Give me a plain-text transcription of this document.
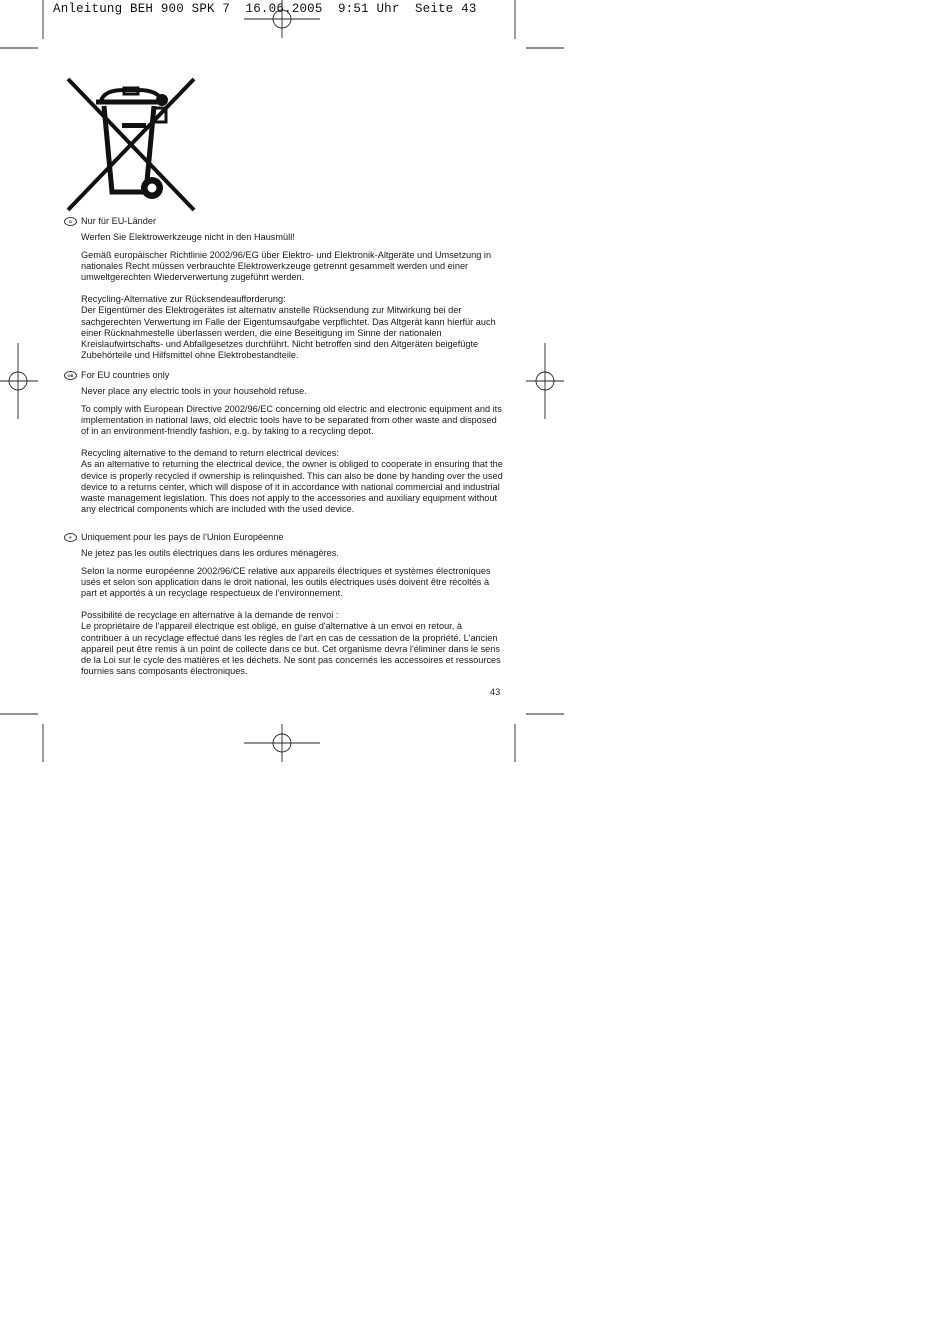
Anleitung BEH 900 SPK 7  16.06.2005  9:51 Uhr  Seite 43
D Nur für EU-Länder

Werfen Sie Elektrowerkzeuge nicht in den Hausmüll!

Gemäß europäischer Richtlinie 2002/96/EG über Elektro- und Elektronik-Altgeräte und Umsetzung in nationales Recht müssen verbrauchte Elektrowerkzeuge getrennt gesammelt werden und einer umweltgerechten Wiederverwertung zugeführt werden.

Recycling-Alternative zur Rücksendeaufforderung:

Der Eigentümer des Elektrogerätes ist alternativ anstelle Rücksendung zur Mitwirkung bei der sachgerechten Verwertung im Falle der Eigentumsaufgabe verpflichtet. Das Altgerät kann hierfür auch einer Rücknahmestelle überlassen werden, die eine Beseitigung im Sinne der nationalen Kreislaufwirtschafts- und Abfallgesetzes durchführt. Nicht betroffen sind den Altgeräten beigefügte Zubehörteile und Hilfsmittel ohne Elektrobestandteile.

GB For EU countries only

Never place any electric tools in your household refuse.

To comply with European Directive 2002/96/EC concerning old electric and electronic equipment and its implementation in national laws, old electric tools have to be separated from other waste and disposed of in an environment-friendly fashion, e.g. by taking to a recycling depot.

Recycling alternative to the demand to return electrical devices:

As an alternative to returning the electrical device, the owner is obliged to cooperate in ensuring that the device is properly recycled if ownership is relinquished. This can also be done by handing over the used device to a returns center, which will dispose of it in accordance with national commercial and industrial waste management legislation. This does not apply to the accessories and auxiliary equipment without any electrical components which are included with the used device.

F	Uniquement pour les pays de l'Union Européenne

Ne jetez pas les outils électriques dans les ordures ménagères.

Selon la norme européenne 2002/96/CE relative aux appareils électriques et systèmes électroniques usés et selon son application dans le droit national, les outils électriques usés doivent être récoltés à part et apportés à un recyclage respectueux de l'environnement.

Possibilité de recyclage en alternative à la demande de renvoi :

Le propriétaire de l'appareil électrique est obligé, en guise d'alternative à un envoi en retour, à contribuer à un recyclage effectué dans les règles de l'art en cas de cessation de la propriété. L'ancien appareil peut être remis à un point de collecte dans ce but. Cet organisme devra l'éliminer dans le sens de la Loi sur le cycle des matières et les déchets. Ne sont pas concernés les accessoires et ressources fournies sans composants électroniques.

43
